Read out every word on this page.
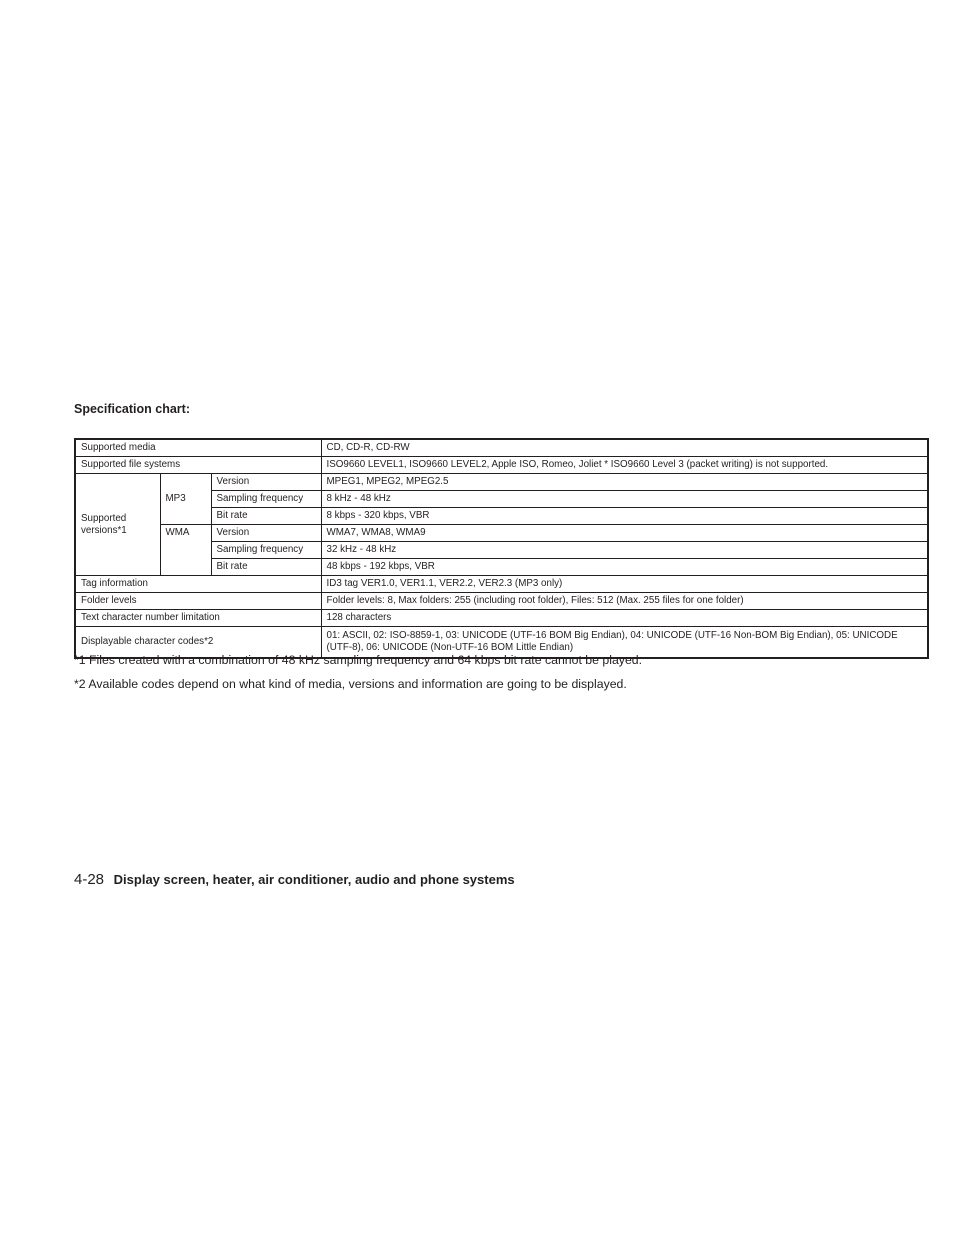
Specification chart:
Supported media			CD, CD-R, CD-RW
Supported file systems			ISO9660 LEVEL1, ISO9660 LEVEL2, Apple ISO, Romeo, Joliet * ISO9660 Level 3 (packet writing) is not supported.
Supported versions*1	MP3	Version	MPEG1, MPEG2, MPEG2.5
		Sampling frequency	8 kHz - 48 kHz
		Bit rate	8 kbps - 320 kbps, VBR
	WMA	Version	WMA7, WMA8, WMA9
		Sampling frequency	32 kHz - 48 kHz
		Bit rate	48 kbps - 192 kbps, VBR
Tag information			ID3 tag VER1.0, VER1.1, VER2.2, VER2.3 (MP3 only)
Folder levels			Folder levels: 8, Max folders: 255 (including root folder), Files: 512 (Max. 255 files for one folder)
Text character number limitation			128 characters
Displayable character codes*2			01: ASCII, 02: ISO-8859-1, 03: UNICODE (UTF-16 BOM Big Endian), 04: UNICODE (UTF-16 Non-BOM Big Endian), 05: UNICODE (UTF-8), 06: UNICODE (Non-UTF-16 BOM Little Endian)

*1 Files created with a combination of 48 kHz sampling frequency and 64 kbps bit rate cannot be played.

*2 Available codes depend on what kind of media, versions and information are going to be displayed.

4-28 Display screen, heater, air conditioner, audio and phone systems
